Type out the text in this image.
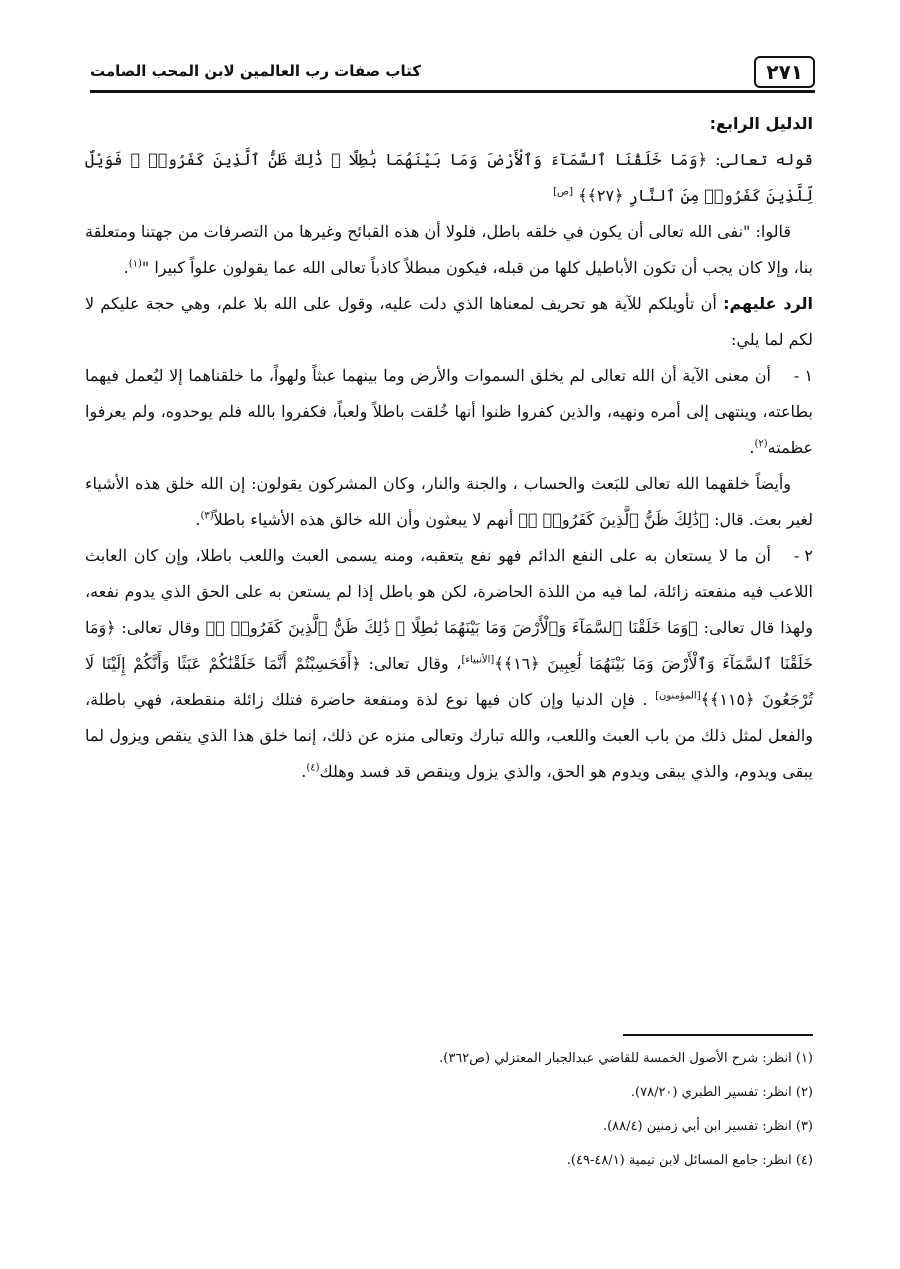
٢٧١
كتاب صفات رب العالمين لابن المحب الصامت

الدليل الرابع:

قوله تعالى: ﴿وَمَا خَلَقْنَا ٱلسَّمَآءَ وَٱلْأَرْضَ وَمَا بَيْنَهُمَا بَٰطِلًا ۚ ذَٰلِكَ ظَنُّ ٱلَّذِينَ كَفَرُوا۟ ۚ فَوَيْلٌ لِّلَّذِينَ كَفَرُوا۟ مِنَ ٱلنَّارِ ﴿٢٧﴾﴾ [ص]

قالوا: "نفى الله تعالى أن يكون في خلقه باطل، فلولا أن هذه القبائح وغيرها من التصرفات من جهتنا ومتعلقة بنا، وإلا كان يجب أن تكون الأباطيل كلها من قبله، فيكون مبطلاً كاذباً تعالى الله عما يقولون علواً كبيرا "$^{(١)}$.

الرد عليهم: أن تأويلكم للآية هو تحريف لمعناها الذي دلت عليه، وقول على الله بلا علم، وهي حجة عليكم لا لكم لما يلي:

١ -أن معنى الآية أن الله تعالى لم يخلق السموات والأرض وما بينهما عبثاً ولهواً، ما خلقناهما إلا ليُعمل فيهما بطاعته، وينتهى إلى أمره ونهيه، والذين كفروا ظنوا أنها خُلقت باطلاً ولعباً، فكفروا بالله فلم يوحدوه، ولم يعرفوا عظمته$^{(٢)}$.

وأيضاً خلقهما الله تعالى للبَعث والحساب ، والجنة والنار، وكان المشركون يقولون: إن الله خلق هذه الأشياء لغير بعث. قال: ﴿ذَٰلِكَ ظَنُّ ٱلَّذِينَ كَفَرُوا۟ ۚ﴾ أنهم لا يبعثون وأن الله خالق هذه الأشياء باطلاً$^{(٣)}$.

٢ -أن ما لا يستعان به على النفع الدائم فهو نفع يتعقبه، ومنه يسمى العبث واللعب باطلا، وإن كان العابث اللاعب فيه منفعته زائلة، لما فيه من اللذة الحاضرة، لكن هو باطل إذا لم يستعن به على الحق الذي يدوم نفعه، ولهذا قال تعالى: ﴿وَمَا خَلَقْنَا ٱلسَّمَآءَ وَٱلْأَرْضَ وَمَا بَيْنَهُمَا بَٰطِلًا ۚ ذَٰلِكَ ظَنُّ ٱلَّذِينَ كَفَرُوا۟ ۚ﴾ وقال تعالى: ﴿وَمَا خَلَقْنَا ٱلسَّمَآءَ وَٱلْأَرْضَ وَمَا بَيْنَهُمَا لَٰعِبِينَ ﴿١٦﴾﴾[الأنبياء]، وقال تعالى: ﴿أَفَحَسِبْتُمْ أَنَّمَا خَلَقْنَٰكُمْ عَبَثًا وَأَنَّكُمْ إِلَيْنَا لَا تُرْجَعُونَ ﴿١١٥﴾﴾[المؤمنون] . فإن الدنيا وإن كان فيها نوع لذة ومنفعة حاضرة فتلك زائلة منقطعة، فهي باطلة، والفعل لمثل ذلك من باب العبث واللعب، والله تبارك وتعالى منزه عن ذلك، إنما خلق هذا الذي ينقص ويزول لما يبقى ويدوم، والذي يبقى ويدوم هو الحق، والذي يزول وينقص قد فسد وهلك$^{(٤)}$.

(١) انظر: شرح الأصول الخمسة للقاضي عبدالجبار المعتزلي (ص٣٦٢).

(٢) انظر: تفسير الطبري (٧٨/٢٠).

(٣) انظر: تفسير ابن أبي زمنين (٨٨/٤).

(٤) انظر: جامع المسائل لابن تيمية (٤٨/١-٤٩).
